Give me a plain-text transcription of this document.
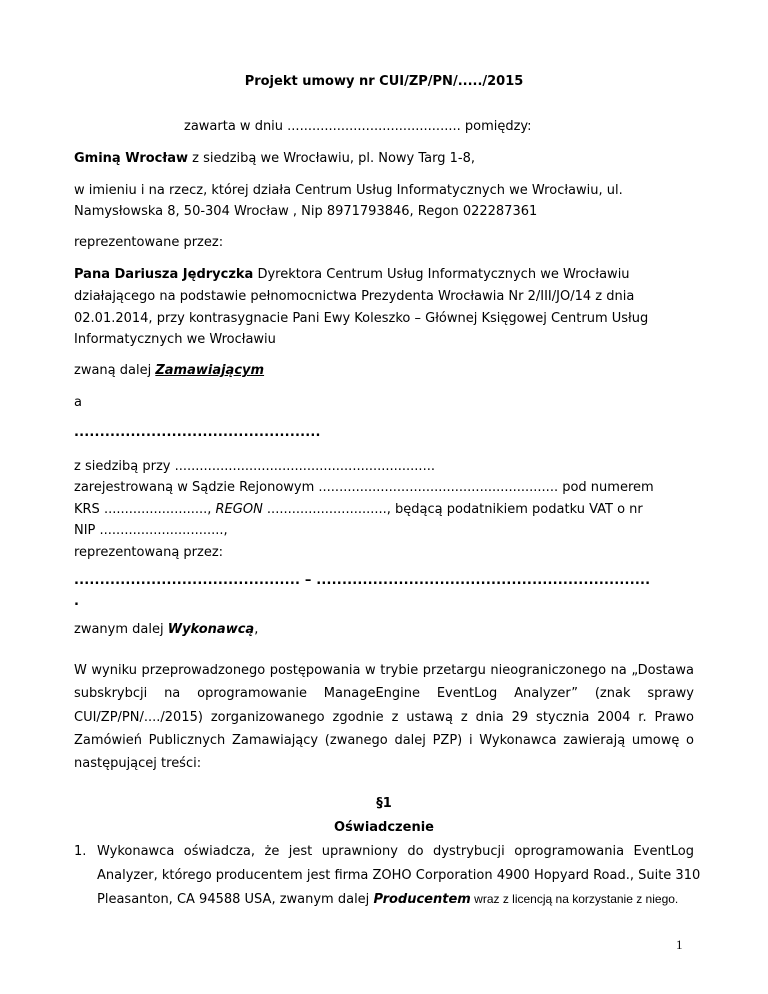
Projekt umowy nr CUI/ZP/PN/...../2015
zawarta w dniu .......................................... pomiędzy:
Gminą Wrocław z siedzibą we Wrocławiu, pl. Nowy Targ 1-8,
w imieniu i na rzecz, której działa Centrum Usług Informatycznych we Wrocławiu, ul.
Namysłowska 8, 50-304 Wrocław , Nip 8971793846, Regon 022287361
reprezentowane przez:
Pana Dariusza Jędryczka Dyrektora Centrum Usług Informatycznych we Wrocławiu
działającego na podstawie pełnomocnictwa Prezydenta Wrocławia Nr 2/III/JO/14 z dnia
02.01.2014, przy kontrasygnacie Pani Ewy Koleszko – Głównej Księgowej Centrum Usług
Informatycznych we Wrocławiu
zwaną dalej Zamawiającym
a
................................................
z siedzibą przy ...............................................................
zarejestrowaną w Sądzie Rejonowym .......................................................... pod numerem
KRS ........................., REGON ............................., będącą podatnikiem podatku VAT o nr
NIP ..............................,
reprezentowaną przez:
............................................ – .................................................................
.
zwanym dalej Wykonawcą,
W wyniku przeprowadzonego postępowania w trybie przetargu nieograniczonego na „Dostawa
subskrybcji na oprogramowanie ManageEngine EventLog Analyzer” (znak sprawy
CUI/ZP/PN/..../2015) zorganizowanego zgodnie z ustawą z dnia 29 stycznia 2004 r. Prawo
Zamówień Publicznych Zamawiający (zwanego dalej PZP) i Wykonawca zawierają umowę o
następującej treści:
§1
Oświadczenie
1. Wykonawca oświadcza, że jest uprawniony do dystrybucji oprogramowania EventLog
Analyzer, którego producentem jest firma ZOHO Corporation 4900 Hopyard Road., Suite 310
Pleasanton, CA 94588 USA, zwanym dalej Producentem wraz z licencją na korzystanie z niego.
1
